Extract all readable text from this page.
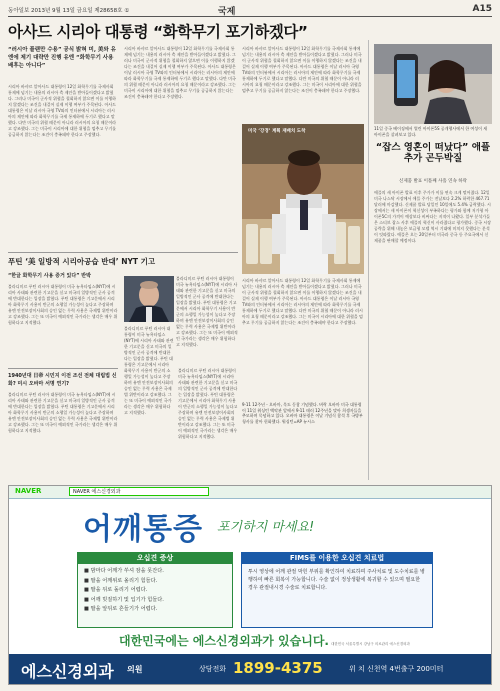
동아일보 2013년 9월 13일 금요일 제28658호 ①	국제	A15
아사드 시리아 대통령 “화학무기 포기하겠다”
“러시아 플랜만 수용” 공식 밝혀 미, 美와 유엔에 제기 대략만 진행 유엔 “화학무기 사용 배후는 아니다”
시리아 바샤르 알아사드 대통령이 12일 화학무기를 국제사회 통제에 넘기는 내용의 러시아 측 제안을 받아들이겠다고 밝혔다. 그러나 미국이 군사적 위협을 철회하지 않으면 이를 이행하지 않겠다는 조건을 내걸어 실제 이행 여부가 주목된다. 아사드 대통령은 이날 러시아 국영 TV와의 인터뷰에서 시리아는 러시아의 제안에 따라 화학무기를 국제 통제하에 두기로 했다고 말했다. 다만 미국의 위협 때문이 아니라 러시아의 요청 때문이라고 강조했다. 그는 미국이 시리아에 대한 위협을 멈추고 무기를 공급하지 않는다는 조건이 충족돼야 한다고 주장했다.
시리아 바샤르 알아사드 대통령이 12일 화학무기를 국제사회 통제에 넘기는 내용의 러시아 측 제안을 받아들이겠다고 밝혔다. 그러나 미국이 군사적 위협을 철회하지 않으면 이를 이행하지 않겠다는 조건을 내걸어 실제 이행 여부가 주목된다. 아사드 대통령은 이날 러시아 국영 TV와의 인터뷰에서 시리아는 러시아의 제안에 따라 화학무기를 국제 통제하에 두기로 했다고 말했다. 다만 미국의 위협 때문이 아니라 러시아의 요청 때문이라고 강조했다. 그는 미국이 시리아에 대한 위협을 멈추고 무기를 공급하지 않는다는 조건이 충족돼야 한다고 주장했다.
시리아 바샤르 알아사드 대통령이 12일 화학무기를 국제사회 통제에 넘기는 내용의 러시아 측 제안을 받아들이겠다고 밝혔다. 그러나 미국이 군사적 위협을 철회하지 않으면 이를 이행하지 않겠다는 조건을 내걸어 실제 이행 여부가 주목된다. 아사드 대통령은 이날 러시아 국영 TV와의 인터뷰에서 시리아는 러시아의 제안에 따라 화학무기를 국제 통제하에 두기로 했다고 말했다. 다만 미국의 위협 때문이 아니라 러시아의 요청 때문이라고 강조했다. 그는 미국이 시리아에 대한 위협을 멈추고 무기를 공급하지 않는다는 조건이 충족돼야 한다고 주장했다.
푸틴 ‘美 일방적 시리아공습 반대’ NYT 기고
“한글 화학무기 사용 증거 있다” 반박
블라디미르 푸틴 러시아 대통령이 미국 뉴욕타임스(NYT)에 시리아 사태와 관련한 기고문을 싣고 미국의 일방적인 군사 공격에 반대한다는 입장을 밝혔다. 푸틴 대통령은 기고문에서 시리아 화학무기 사용이 반군의 소행일 가능성이 높다고 주장하며 유엔 안전보장이사회의 승인 없는 무력 사용은 국제법 위반이라고 강조했다. 그는 또 미국이 예외적인 국가라는 생각은 매우 위험하다고 지적했다.
블라디미르 푸틴 러시아 대통령이 미국 뉴욕타임스(NYT)에 시리아 사태와 관련한 기고문을 싣고 미국의 일방적인 군사 공격에 반대한다는 입장을 밝혔다. 푸틴 대통령은 기고문에서 시리아 화학무기 사용이 반군의 소행일 가능성이 높다고 주장하며 유엔 안전보장이사회의 승인 없는 무력 사용은 국제법 위반이라고 강조했다. 그는 또 미국이 예외적인 국가라는 생각은 매우 위험하다고 지적했다.
블라디미르 푸틴 러시아 대통령이 미국 뉴욕타임스(NYT)에 시리아 사태와 관련한 기고문을 싣고 미국의 일방적인 군사 공격에 반대한다는 입장을 밝혔다. 푸틴 대통령은 기고문에서 시리아 화학무기 사용이 반군의 소행일 가능성이 높다고 주장하며 유엔 안전보장이사회의 승인 없는 무력 사용은 국제법 위반이라고 강조했다. 그는 또 미국이 예외적인 국가라는 생각은 매우 위험하다고 지적했다.
1940년대 日帝 시민지 이전 조선 전체 대립법 신화? 미시 오바마 서명 연기?
블라디미르 푸틴 러시아 대통령이 미국 뉴욕타임스(NYT)에 시리아 사태와 관련한 기고문을 싣고 미국의 일방적인 군사 공격에 반대한다는 입장을 밝혔다. 푸틴 대통령은 기고문에서 시리아 화학무기 사용이 반군의 소행일 가능성이 높다고 주장하며 유엔 안전보장이사회의 승인 없는 무력 사용은 국제법 위반이라고 강조했다. 그는 또 미국이 예외적인 국가라는 생각은 매우 위험하다고 지적했다.
블라디미르 푸틴 러시아 대통령이 미국 뉴욕타임스(NYT)에 시리아 사태와 관련한 기고문을 싣고 미국의 일방적인 군사 공격에 반대한다는 입장을 밝혔다. 푸틴 대통령은 기고문에서 시리아 화학무기 사용이 반군의 소행일 가능성이 높다고 주장하며 유엔 안전보장이사회의 승인 없는 무력 사용은 국제법 위반이라고 강조했다. 그는 또 미국이 예외적인 국가라는 생각은 매우 위험하다고 지적했다.
미국 ‘강경’ 계획 재배치 도착
시리아 바샤르 알아사드 대통령이 12일 화학무기를 국제사회 통제에 넘기는 내용의 러시아 측 제안을 받아들이겠다고 밝혔다. 그러나 미국이 군사적 위협을 철회하지 않으면 이를 이행하지 않겠다는 조건을 내걸어 실제 이행 여부가 주목된다. 아사드 대통령은 이날 러시아 국영 TV와의 인터뷰에서 시리아는 러시아의 제안에 따라 화학무기를 국제 통제하에 두기로 했다고 말했다. 다만 미국의 위협 때문이 아니라 러시아의 요청 때문이라고 강조했다. 그는 미국이 시리아에 대한 위협을 멈추고 무기를 공급하지 않는다는 조건이 충족돼야 한다고 주장했다.
9·11 12주년 - 오바마, 묵도 동참 기념했다. 버락 오바마 미국 대통령이 11일 워싱턴 백악관 앞에서 9·11 테러 12주년을 맞아 희생자들을 추모하며 묵념하고 있다. 오바마 대통령은 이날 기념식 참석 후 국방부 청사를 찾아 헌화했다. 워싱턴=AP 뉴시스
11일 중국 베이징에서 열린 아이폰5S 공개행사에서 한 여성이 새 아이폰을 살펴보고 있다.
“잡스 영혼이 떠났다” 애플 추가 곤두박질
신제품 발표 이틀째 사흘 연속 하락
애플의 새 아이폰 발표 이후 주가가 이틀 연속 크게 떨어졌다. 12일 미국 나스닥 시장에서 애플 주가는 전날보다 2.2% 하락한 467.71달러에 마감했다. 신제품 발표 당일인 10일에도 5.4% 급락했다. 시장에서는 새 아이폰이 혁신성이 부족하다는 평가와 함께 저가형 아이폰5C의 가격이 예상보다 비싸다는 지적이 나왔다. 일부 분석가들은 스티브 잡스 사후 애플의 혁신이 사라졌다고 평가했다. 중국 시장 공략을 위해 내놓은 보급형 모델 역시 기대에 미치지 못했다는 분석이 잇따랐다. 애플은 오는 20일부터 미국과 중국 등 주요국에서 신제품을 판매할 예정이다.
NAVER	NAVER 에스신경외과
어깨통증 포기하지 마세요!
오십견 증상
■ 밤마다 어깨가 쑤셔 잠을 못잔다.
■ 팔을 어깨위로 올리기 힘들다.
■ 팔을 뒤로 돌리기 어렵다.
■ 어깨 빗질하기 및 입기가 힘들다.
■ 팔을 앞뒤로 흔들기가 어렵다.
FIMS를 이용한 오십견 치료법
투시 영상에 어깨 관절 막힌 부위를 확인하여 치료하며 주사치료 및 도수치료를 병행하여 빠른 회복이 가능합니다. 수술 없이 정상생활에 복귀할 수 있으며 필요한 경우 관절내시경 수술로 치료합니다.
대한민국에는 에스신경외과가 있습니다. 대한민국 서울특별시 강남구 의료관리 에스신경외과
에스신경외과 의원	상담전화 1899-4375	위 치 신천역 4번출구 200미터
